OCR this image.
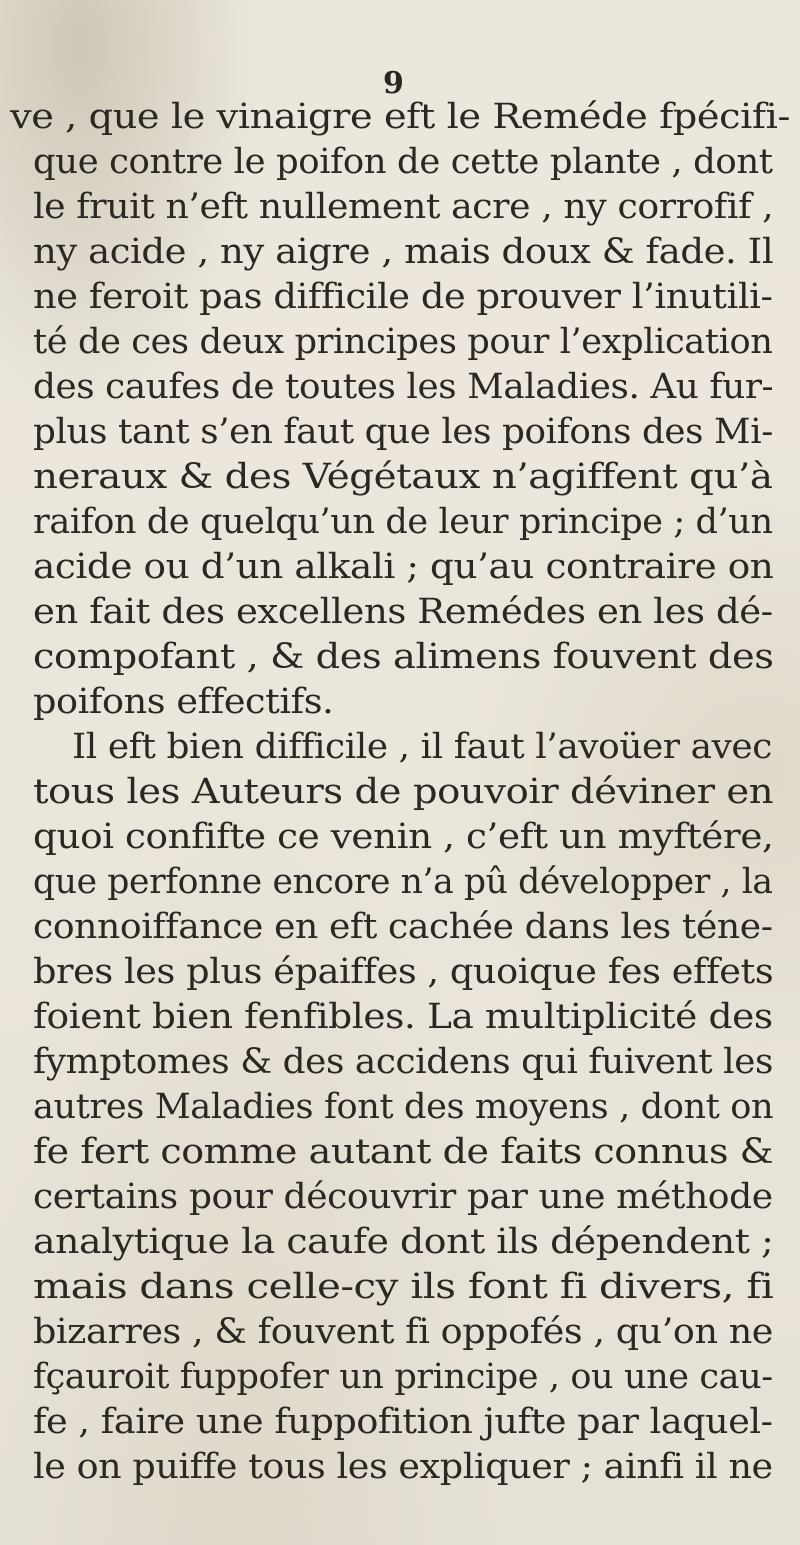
9
ve , que le vinaigre eft le Reméde fpécifi-
que contre le poifon de cette plante , dont
le fruit n’eft nullement acre , ny corrofif ,
ny acide , ny aigre , mais doux & fade. Il
ne feroit pas difficile de prouver l’inutili-
té de ces deux principes pour l’explication
des caufes de toutes les Maladies. Au fur-
plus tant s’en faut que les poifons des Mi-
neraux & des Végétaux n’agiffent qu’à
raifon de quelqu’un de leur principe ; d’un
acide ou d’un alkali ; qu’au contraire on
en fait des excellens Remédes en les dé-
compofant , & des alimens fouvent des
poifons effectifs.
Il eft bien difficile , il faut l’avoüer avec
tous les Auteurs de pouvoir déviner en
quoi confifte ce venin , c’eft un myftére,
que perfonne encore n’a pû développer , la
connoiffance en eft cachée dans les téne-
bres les plus épaiffes , quoique fes effets
foient bien fenfibles. La multiplicité des
fymptomes & des accidens qui fuivent les
autres Maladies font des moyens , dont on
fe fert comme autant de faits connus &
certains pour découvrir par une méthode
analytique la caufe dont ils dépendent ;
mais dans celle-cy ils font fi divers, fi
bizarres , & fouvent fi oppofés , qu’on ne
fçauroit fuppofer un principe , ou une cau-
fe , faire une fuppofition jufte par laquel-
le on puiffe tous les expliquer ; ainfi il ne
